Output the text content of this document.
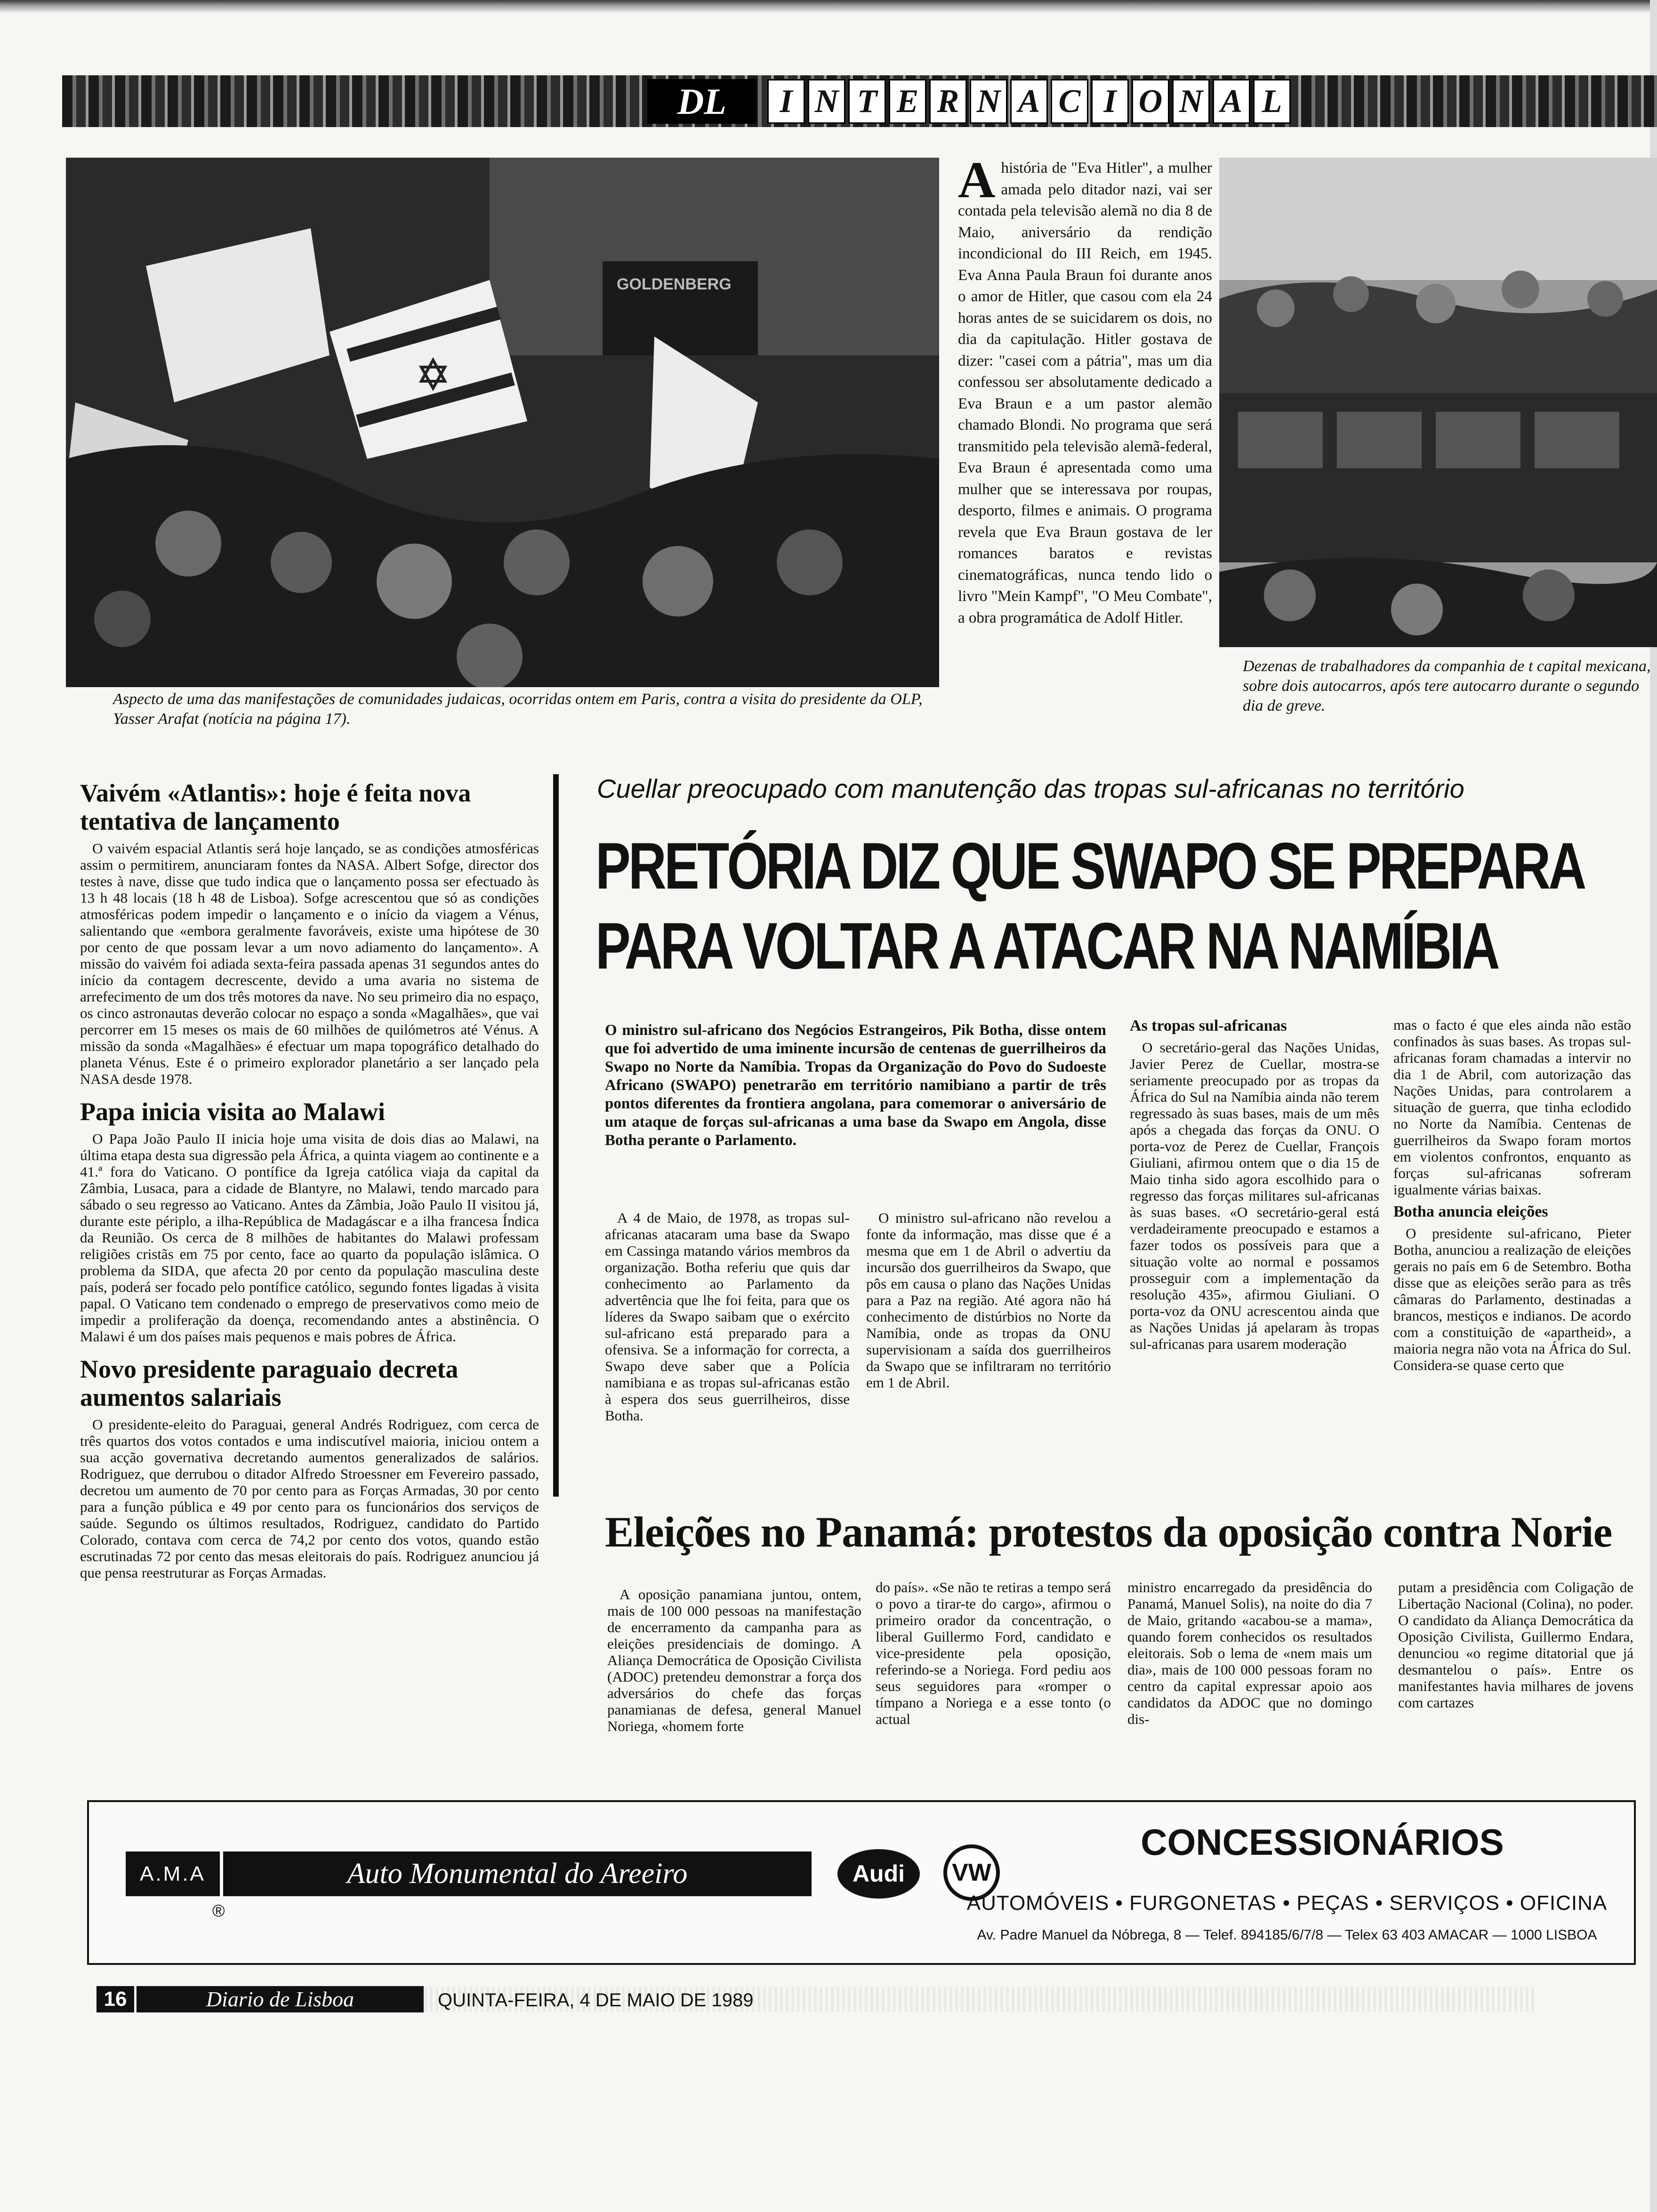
DL	I N T E R N A C I O N A L
GOLDENBERG
Aspecto de uma das manifestações de comunidades judaicas, ocorridas ontem em Paris, contra a visita do presidente da OLP, Yasser Arafat (notícia na página 17).
A história de "Eva Hitler", a mulher amada pelo ditador nazi, vai ser contada pela televisão alemã no dia 8 de Maio, aniversário da rendição incondicional do III Reich, em 1945. Eva Anna Paula Braun foi durante anos o amor de Hitler, que casou com ela 24 horas antes de se suicidarem os dois, no dia da capitulação. Hitler gostava de dizer: "casei com a pátria", mas um dia confessou ser absolutamente dedicado a Eva Braun e a um pastor alemão chamado Blondi. No programa que será transmitido pela televisão alemã-federal, Eva Braun é apresentada como uma mulher que se interessava por roupas, desporto, filmes e animais. O programa revela que Eva Braun gostava de ler romances baratos e revistas cinematográficas, nunca tendo lido o livro "Mein Kampf", "O Meu Combate", a obra programática de Adolf Hitler.
Dezenas de trabalhadores da companhia de t capital mexicana, sobre dois autocarros, após tere autocarro durante o segundo dia de greve.
Vaivém «Atlantis»: hoje é feita nova tentativa de lançamento
O vaivém espacial Atlantis será hoje lançado, se as condições atmosféricas assim o permitirem, anunciaram fontes da NASA. Albert Sofge, director dos testes à nave, disse que tudo indica que o lançamento possa ser efectuado às 13 h 48 locais (18 h 48 de Lisboa). Sofge acrescentou que só as condições atmosféricas podem impedir o lançamento e o início da viagem a Vénus, salientando que «embora geralmente favoráveis, existe uma hipótese de 30 por cento de que possam levar a um novo adiamento do lançamento». A missão do vaivém foi adiada sexta-feira passada apenas 31 segundos antes do início da contagem decrescente, devido a uma avaria no sistema de arrefecimento de um dos três motores da nave. No seu primeiro dia no espaço, os cinco astronautas deverão colocar no espaço a sonda «Magalhães», que vai percorrer em 15 meses os mais de 60 milhões de quilómetros até Vénus. A missão da sonda «Magalhães» é efectuar um mapa topográfico detalhado do planeta Vénus. Este é o primeiro explorador planetário a ser lançado pela NASA desde 1978.
Papa inicia visita ao Malawi
O Papa João Paulo II inicia hoje uma visita de dois dias ao Malawi, na última etapa desta sua digressão pela África, a quinta viagem ao continente e a 41.ª fora do Vaticano. O pontífice da Igreja católica viaja da capital da Zâmbia, Lusaca, para a cidade de Blantyre, no Malawi, tendo marcado para sábado o seu regresso ao Vaticano. Antes da Zâmbia, João Paulo II visitou já, durante este périplo, a ilha-República de Madagáscar e a ilha francesa Índica da Reunião. Os cerca de 8 milhões de habitantes do Malawi professam religiões cristãs em 75 por cento, face ao quarto da população islâmica. O problema da SIDA, que afecta 20 por cento da população masculina deste país, poderá ser focado pelo pontífice católico, segundo fontes ligadas à visita papal. O Vaticano tem condenado o emprego de preservativos como meio de impedir a proliferação da doença, recomendando antes a abstinência. O Malawi é um dos países mais pequenos e mais pobres de África.
Novo presidente paraguaio decreta aumentos salariais
O presidente-eleito do Paraguai, general Andrés Rodriguez, com cerca de três quartos dos votos contados e uma indiscutível maioria, iniciou ontem a sua acção governativa decretando aumentos generalizados de salários. Rodriguez, que derrubou o ditador Alfredo Stroessner em Fevereiro passado, decretou um aumento de 70 por cento para as Forças Armadas, 30 por cento para a função pública e 49 por cento para os funcionários dos serviços de saúde. Segundo os últimos resultados, Rodriguez, candidato do Partido Colorado, contava com cerca de 74,2 por cento dos votos, quando estão escrutinadas 72 por cento das mesas eleitorais do país. Rodriguez anunciou já que pensa reestruturar as Forças Armadas.
Cuellar preocupado com manutenção das tropas sul-africanas no território
PRETÓRIA DIZ QUE SWAPO SE PREPARA
PARA VOLTAR A ATACAR NA NAMÍBIA
O ministro sul-africano dos Negócios Estrangeiros, Pik Botha, disse ontem que foi advertido de uma iminente incursão de centenas de guerrilheiros da Swapo no Norte da Namíbia. Tropas da Organização do Povo do Sudoeste Africano (SWAPO) penetrarão em território namibiano a partir de três pontos diferentes da frontiera angolana, para comemorar o aniversário de um ataque de forças sul-africanas a uma base da Swapo em Angola, disse Botha perante o Parlamento.
A 4 de Maio, de 1978, as tropas sul-africanas atacaram uma base da Swapo em Cassinga matando vários membros da organização. Botha referiu que quis dar conhecimento ao Parlamento da advertência que lhe foi feita, para que os líderes da Swapo saibam que o exército sul-africano está preparado para a ofensiva. Se a informação for correcta, a Swapo deve saber que a Polícia namibiana e as tropas sul-africanas estão à espera dos seus guerrilheiros, disse Botha.
O ministro sul-africano não revelou a fonte da informação, mas disse que é a mesma que em 1 de Abril o advertiu da incursão dos guerrilheiros da Swapo, que pôs em causa o plano das Nações Unidas para a Paz na região. Até agora não há conhecimento de distúrbios no Norte da Namíbia, onde as tropas da ONU supervisionam a saída dos guerrilheiros da Swapo que se infiltraram no território em 1 de Abril.
As tropas sul-africanas
O secretário-geral das Nações Unidas, Javier Perez de Cuellar, mostra-se seriamente preocupado por as tropas da África do Sul na Namíbia ainda não terem regressado às suas bases, mais de um mês após a chegada das forças da ONU. O porta-voz de Perez de Cuellar, François Giuliani, afirmou ontem que o dia 15 de Maio tinha sido agora escolhido para o regresso das forças militares sul-africanas às suas bases. «O secretário-geral está verdadeiramente preocupado e estamos a fazer todos os possíveis para que a situação volte ao normal e possamos prosseguir com a implementação da resolução 435», afirmou Giuliani. O porta-voz da ONU acrescentou ainda que as Nações Unidas já apelaram às tropas sul-africanas para usarem moderação
mas o facto é que eles ainda não estão confinados às suas bases. As tropas sul-africanas foram chamadas a intervir no dia 1 de Abril, com autorização das Nações Unidas, para controlarem a situação de guerra, que tinha eclodido no Norte da Namíbia. Centenas de guerrilheiros da Swapo foram mortos em violentos confrontos, enquanto as forças sul-africanas sofreram igualmente várias baixas.
Botha anuncia eleições
O presidente sul-africano, Pieter Botha, anunciou a realização de eleições gerais no país em 6 de Setembro. Botha disse que as eleições serão para as três câmaras do Parlamento, destinadas a brancos, mestiços e indianos. De acordo com a constituição de «apartheid», a maioria negra não vota na África do Sul. Considera-se quase certo que
Eleições no Panamá: protestos da oposição contra Norie
A oposição panamiana juntou, ontem, mais de 100 000 pessoas na manifestação de encerramento da campanha para as eleições presidenciais de domingo. A Aliança Democrática de Oposição Civilista (ADOC) pretendeu demonstrar a força dos adversários do chefe das forças panamianas de defesa, general Manuel Noriega, «homem forte
do país». «Se não te retiras a tempo será o povo a tirar-te do cargo», afirmou o primeiro orador da concentração, o liberal Guillermo Ford, candidato e vice-presidente pela oposição, referindo-se a Noriega. Ford pediu aos seus seguidores para «romper o tímpano a Noriega e a esse tonto (o actual
ministro encarregado da presidência do Panamá, Manuel Solis), na noite do dia 7 de Maio, gritando «acabou-se a mama», quando forem conhecidos os resultados eleitorais. Sob o lema de «nem mais um dia», mais de 100 000 pessoas foram no centro da capital expressar apoio aos candidatos da ADOC que no domingo dis-
putam a presidência com Coligação de Libertação Nacional (Colina), no poder. O candidato da Aliança Democrática da Oposição Civilista, Guillermo Endara, denunciou «o regime ditatorial que já desmantelou o país». Entre os manifestantes havia milhares de jovens com cartazes
A.M.A	Auto Monumental do Areeiro
®
Audi	VW
CONCESSIONÁRIOS
AUTOMÓVEIS • FURGONETAS • PEÇAS • SERVIÇOS • OFICINA
Av. Padre Manuel da Nóbrega, 8 — Telef. 894185/6/7/8 — Telex 63 403 AMACAR — 1000 LISBOA
16	Diario de Lisboa	QUINTA-FEIRA, 4 DE MAIO DE 1989
